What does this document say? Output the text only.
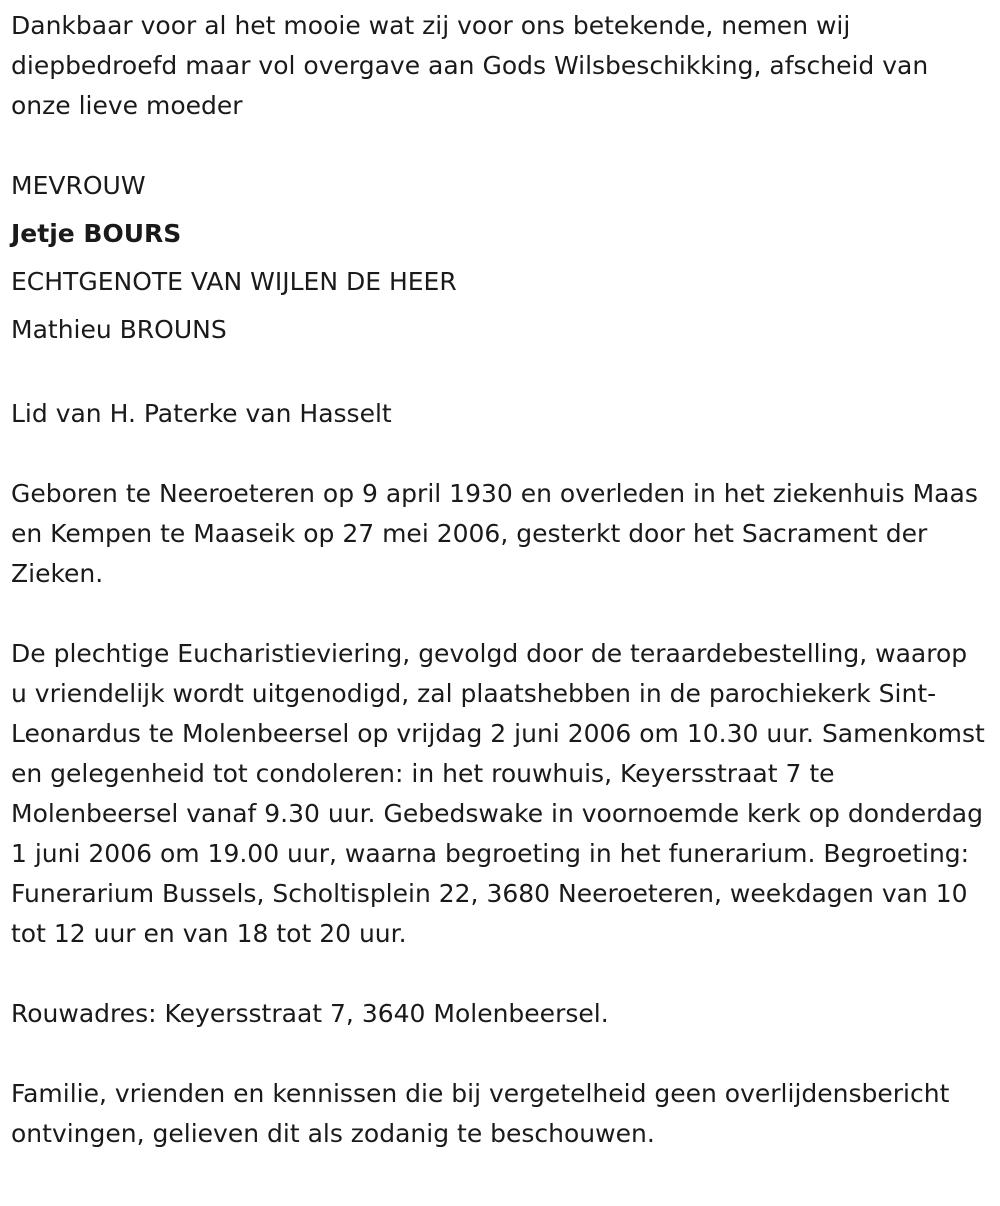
Dankbaar voor al het mooie wat zij voor ons betekende, nemen wij diepbedroefd maar vol overgave aan Gods Wilsbeschikking, afscheid van onze lieve moeder

MEVROUW

Jetje BOURS

ECHTGENOTE VAN WIJLEN DE HEER

Mathieu BROUNS

Lid van H. Paterke van Hasselt

Geboren te Neeroeteren op 9 april 1930 en overleden in het ziekenhuis Maas en Kempen te Maaseik op 27 mei 2006, gesterkt door het Sacrament der Zieken.

De plechtige Eucharistieviering, gevolgd door de teraardebestelling, waarop u vriendelijk wordt uitgenodigd, zal plaatshebben in de parochiekerk Sint-Leonardus te Molenbeersel op vrijdag 2 juni 2006 om 10.30 uur. Samenkomst en gelegenheid tot condoleren: in het rouwhuis, Keyersstraat 7 te Molenbeersel vanaf 9.30 uur. Gebedswake in voornoemde kerk op donderdag 1 juni 2006 om 19.00 uur, waarna begroeting in het funerarium. Begroeting: Funerarium Bussels, Scholtisplein 22, 3680 Neeroeteren, weekdagen van 10 tot 12 uur en van 18 tot 20 uur.

Rouwadres: Keyersstraat 7, 3640 Molenbeersel.

Familie, vrienden en kennissen die bij vergetelheid geen overlijdensbericht ontvingen, gelieven dit als zodanig te beschouwen.
